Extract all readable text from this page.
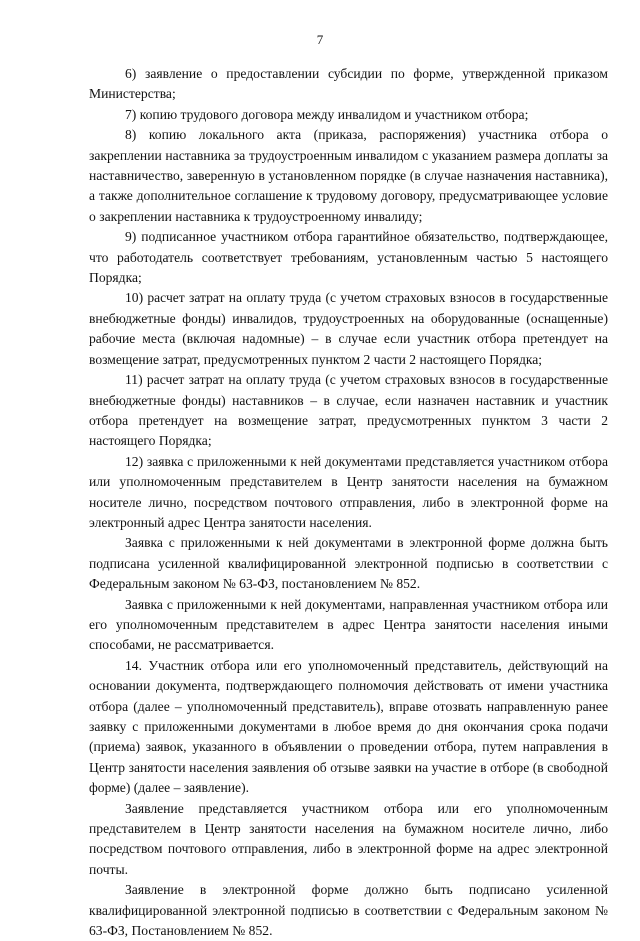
7

6) заявление о предоставлении субсидии по форме, утвержденной приказом Министерства;

7) копию трудового договора между инвалидом и участником отбора;

8) копию локального акта (приказа, распоряжения) участника отбора о закреплении наставника за трудоустроенным инвалидом с указанием размера доплаты за наставничество, заверенную в установленном порядке (в случае назначения наставника), а также дополнительное соглашение к трудовому договору, предусматривающее условие о закреплении наставника к трудоустроенному инвалиду;

9) подписанное участником отбора гарантийное обязательство, подтверждающее, что работодатель соответствует требованиям, установленным частью 5 настоящего Порядка;

10) расчет затрат на оплату труда (с учетом страховых взносов в государственные внебюджетные фонды) инвалидов, трудоустроенных на оборудованные (оснащенные) рабочие места (включая надомные) – в случае если участник отбора претендует на возмещение затрат, предусмотренных пунктом 2 части 2 настоящего Порядка;

11) расчет затрат на оплату труда (с учетом страховых взносов в государственные внебюджетные фонды) наставников – в случае, если назначен наставник и участник отбора претендует на возмещение затрат, предусмотренных пунктом 3 части 2 настоящего Порядка;

12) заявка с приложенными к ней документами представляется участником отбора или уполномоченным представителем в Центр занятости населения на бумажном носителе лично, посредством почтового отправления, либо в электронной форме на электронный адрес Центра занятости населения.

Заявка с приложенными к ней документами в электронной форме должна быть подписана усиленной квалифицированной электронной подписью в соответствии с Федеральным законом № 63-ФЗ, постановлением № 852.

Заявка с приложенными к ней документами, направленная участником отбора или его уполномоченным представителем в адрес Центра занятости населения иными способами, не рассматривается.

14. Участник отбора или его уполномоченный представитель, действующий на основании документа, подтверждающего полномочия действовать от имени участника отбора (далее – уполномоченный представитель), вправе отозвать направленную ранее заявку с приложенными документами в любое время до дня окончания срока подачи (приема) заявок, указанного в объявлении о проведении отбора, путем направления в Центр занятости населения заявления об отзыве заявки на участие в отборе (в свободной форме) (далее – заявление).

Заявление представляется участником отбора или его уполномоченным представителем в Центр занятости населения на бумажном носителе лично, либо посредством почтового отправления, либо в электронной форме на адрес электронной почты.

Заявление в электронной форме должно быть подписано усиленной квалифицированной электронной подписью в соответствии с Федеральным законом № 63-ФЗ, Постановлением № 852.
